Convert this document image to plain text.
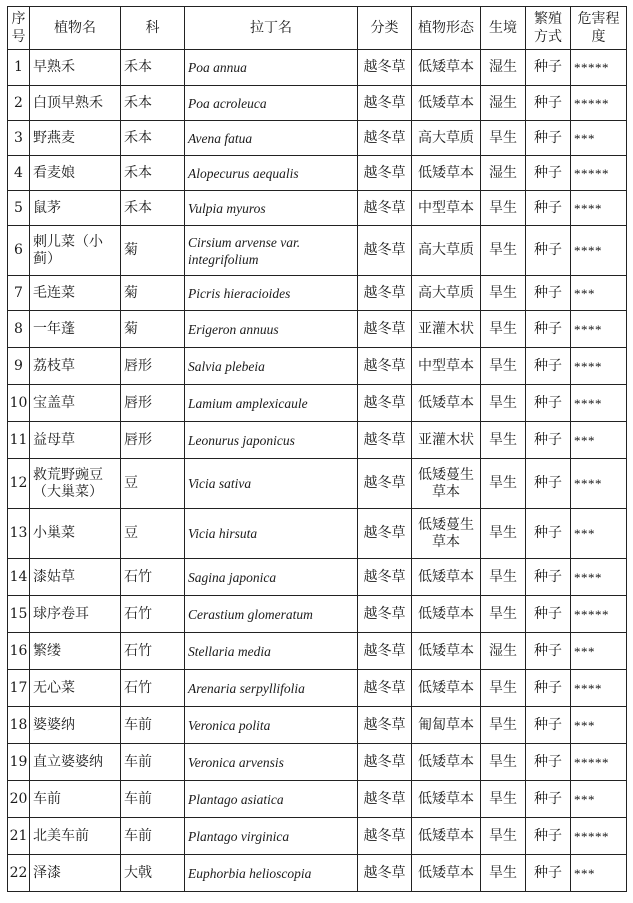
序号	植物名	科	拉丁名	分类	植物形态	生境	繁殖方式	危害程度
1	早熟禾	禾本	Poa annua	越冬草	低矮草本	湿生	种子	*****
2	白顶早熟禾	禾本	Poa acroleuca	越冬草	低矮草本	湿生	种子	*****
3	野燕麦	禾本	Avena fatua	越冬草	高大草质	旱生	种子	***
4	看麦娘	禾本	Alopecurus aequalis	越冬草	低矮草本	湿生	种子	*****
5	鼠茅	禾本	Vulpia myuros	越冬草	中型草本	旱生	种子	****
6	刺儿菜（小蓟）	菊	Cirsium arvense var. integrifolium	越冬草	高大草质	旱生	种子	****
7	毛连菜	菊	Picris hieracioides	越冬草	高大草质	旱生	种子	***
8	一年蓬	菊	Erigeron annuus	越冬草	亚灌木状	旱生	种子	****
9	荔枝草	唇形	Salvia plebeia	越冬草	中型草本	旱生	种子	****
10	宝盖草	唇形	Lamium amplexicaule	越冬草	低矮草本	旱生	种子	****
11	益母草	唇形	Leonurus japonicus	越冬草	亚灌木状	旱生	种子	***
12	救荒野豌豆（大巢菜）	豆	Vicia sativa	越冬草	低矮蔓生草本	旱生	种子	****
13	小巢菜	豆	Vicia hirsuta	越冬草	低矮蔓生草本	旱生	种子	***
14	漆姑草	石竹	Sagina japonica	越冬草	低矮草本	旱生	种子	****
15	球序卷耳	石竹	Cerastium glomeratum	越冬草	低矮草本	旱生	种子	*****
16	繁缕	石竹	Stellaria media	越冬草	低矮草本	湿生	种子	***
17	无心菜	石竹	Arenaria serpyllifolia	越冬草	低矮草本	旱生	种子	****
18	婆婆纳	车前	Veronica polita	越冬草	匍匐草本	旱生	种子	***
19	直立婆婆纳	车前	Veronica arvensis	越冬草	低矮草本	旱生	种子	*****
20	车前	车前	Plantago asiatica	越冬草	低矮草本	旱生	种子	***
21	北美车前	车前	Plantago virginica	越冬草	低矮草本	旱生	种子	*****
22	泽漆	大戟	Euphorbia helioscopia	越冬草	低矮草本	旱生	种子	***
